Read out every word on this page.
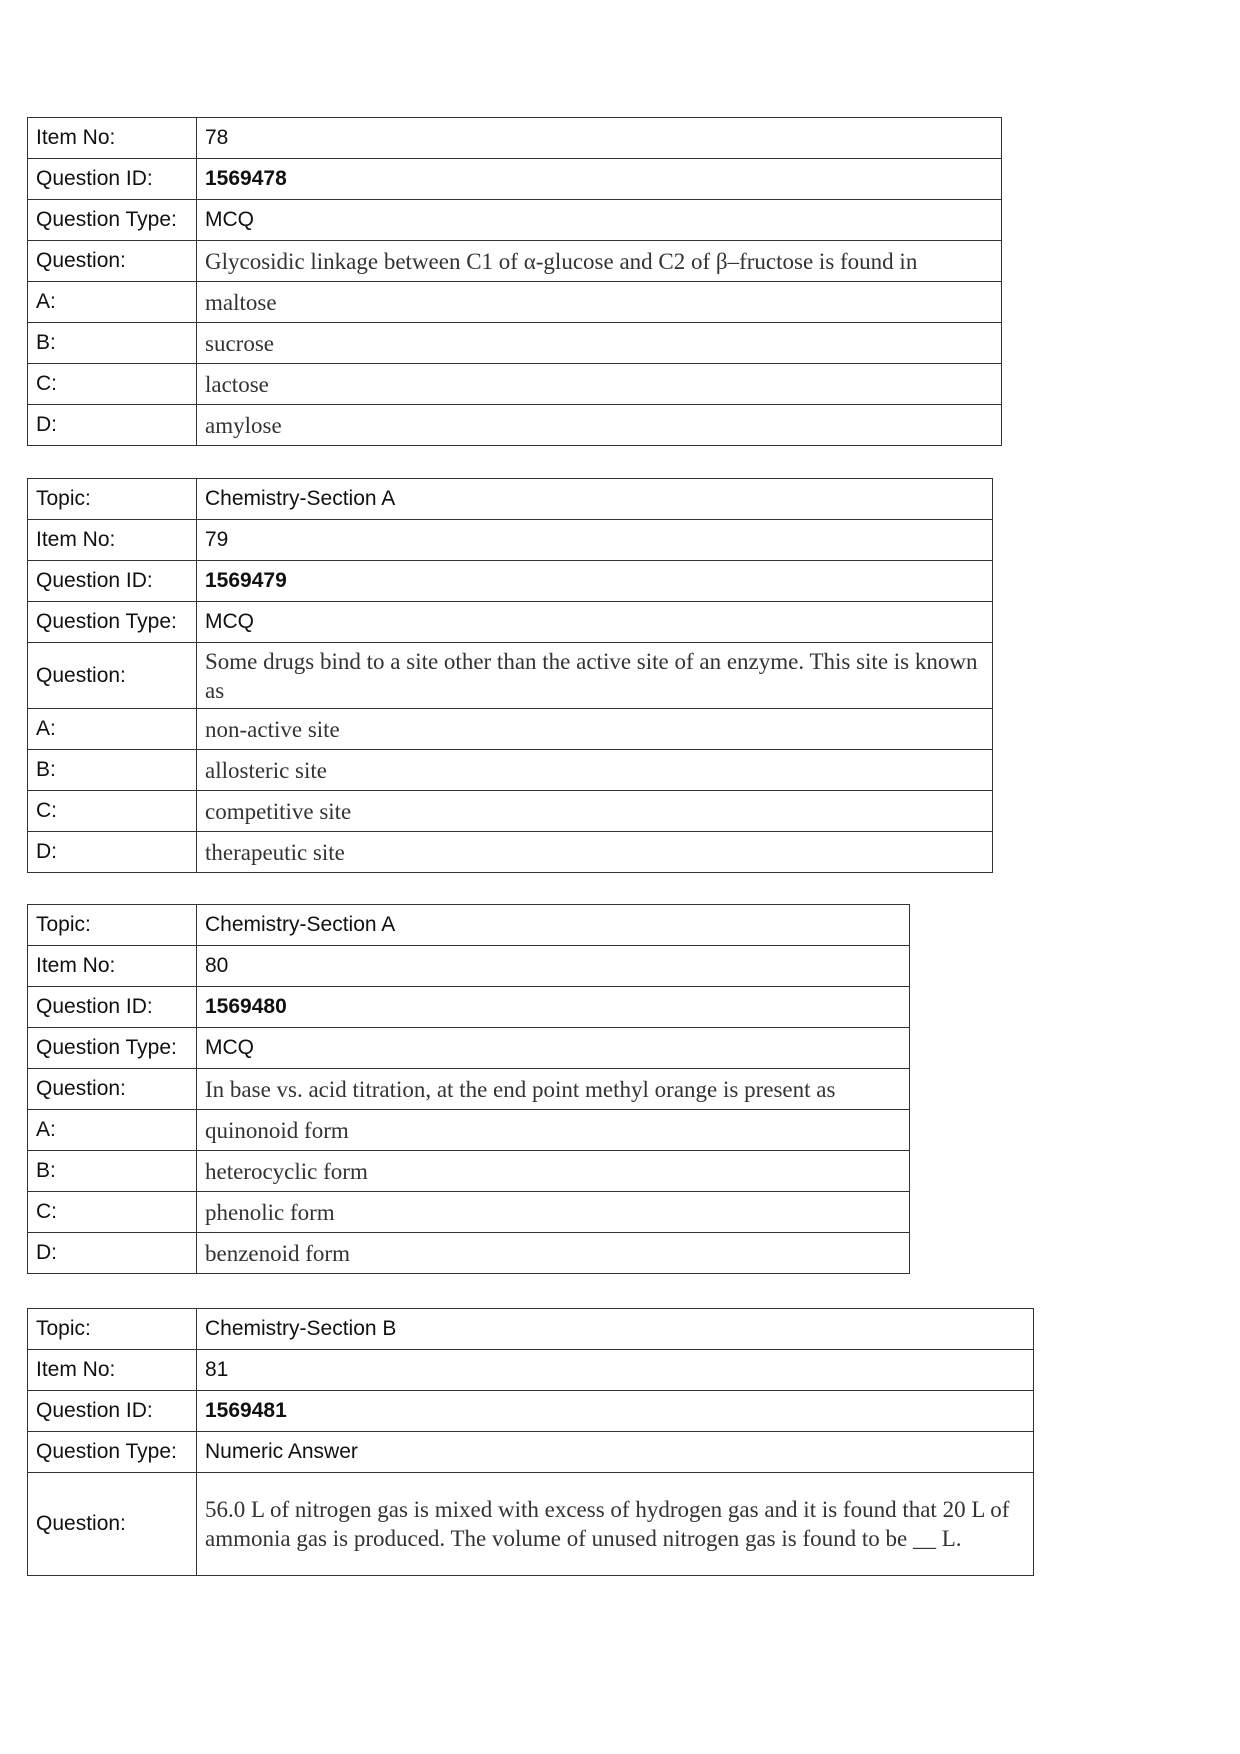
Item No:	78
Question ID:	1569478
Question Type:	MCQ
Question:	Glycosidic linkage between C1 of α-glucose and C2 of β–fructose is found in
A:	maltose
B:	sucrose
C:	lactose
D:	amylose
Topic:	Chemistry-Section A
Item No:	79
Question ID:	1569479
Question Type:	MCQ
Question:	Some drugs bind to a site other than the active site of an enzyme. This site is known as
A:	non-active site
B:	allosteric site
C:	competitive site
D:	therapeutic site
Topic:	Chemistry-Section A
Item No:	80
Question ID:	1569480
Question Type:	MCQ
Question:	In base vs. acid titration, at the end point methyl orange is present as
A:	quinonoid form
B:	heterocyclic form
C:	phenolic form
D:	benzenoid form
Topic:	Chemistry-Section B
Item No:	81
Question ID:	1569481
Question Type:	Numeric Answer
Question:	56.0 L of nitrogen gas is mixed with excess of hydrogen gas and it is found that 20 L of ammonia gas is produced. The volume of unused nitrogen gas is found to be __ L.
